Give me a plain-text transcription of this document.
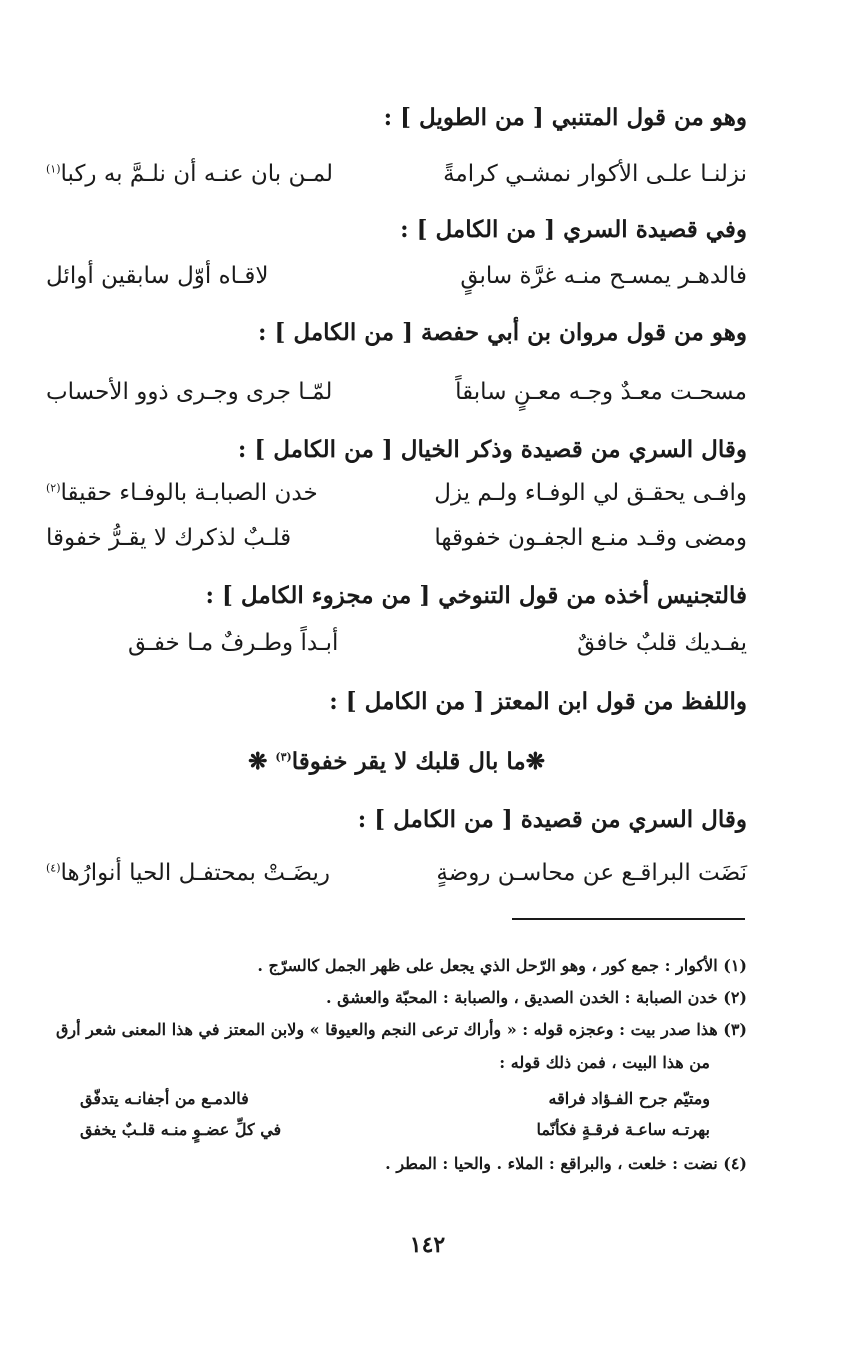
وهو من قول المتنبي [ من الطويل ] :
نزلنـا علـى الأكوار نمشـي كرامةً
لمـن بان عنـه أن نلـمَّ به ركبا$^{(١)}$
وفي قصيدة السري [ من الكامل ] :
فالدهـر يمسـح منـه غرَّة سابقٍ
لاقـاه أوّل سابقين أوائل
وهو من قول مروان بن أبي حفصة [ من الكامل ] :
مسحـت معـدٌ وجـه معـنٍ سابقاً
لمّـا جرى وجـرى ذوو الأحساب
وقال السري من قصيدة وذكر الخيال [ من الكامل ] :
وافـى يحقـق لي الوفـاء ولـم يزل
خدن الصبابـة بالوفـاء حقيقا$^{(٢)}$
ومضى وقـد منـع الجفـون خفوقها
قلـبٌ لذكرك لا يقـرُّ خفوقا
فالتجنيس أخذه من قول التنوخي [ من مجزوء الكامل ] :
يفـديك قلبٌ خافقٌ
أبـداً وطـرفٌ مـا خفـق
واللفظ من قول ابن المعتز [ من الكامل ] :
❋ما بال قلبك لا يقر خفوقا$^{(٣)}$ ❋
وقال السري من قصيدة [ من الكامل ] :
نَضَت البراقـع عن محاسـن روضةٍ
ريضَـتْ بمحتفـل الحيا أنوارُها$^{(٤)}$
(١) الأكوار : جمع كور ، وهو الرّحل الذي يجعل على ظهر الجمل كالسرّج .
(٢) خدن الصبابة : الخدن الصديق ، والصبابة : المحبّة والعشق .
(٣) هذا صدر بيت : وعجزه قوله : « وأراك ترعى النجم والعيوقا » ولابن المعتز في هذا المعنى شعر أرق
من هذا البيت ، فمن ذلك قوله :
ومتيّم جرح الفـؤاد فراقه
فالدمـع من أجفانـه يتدفّق
بهرتـه ساعـة فرقـةٍ فكأنّما
في كلِّ عضـوٍ منـه قلـبٌ يخفق
(٤) نضت : خلعت ، والبراقع : الملاء . والحيا : المطر .
١٤٢
